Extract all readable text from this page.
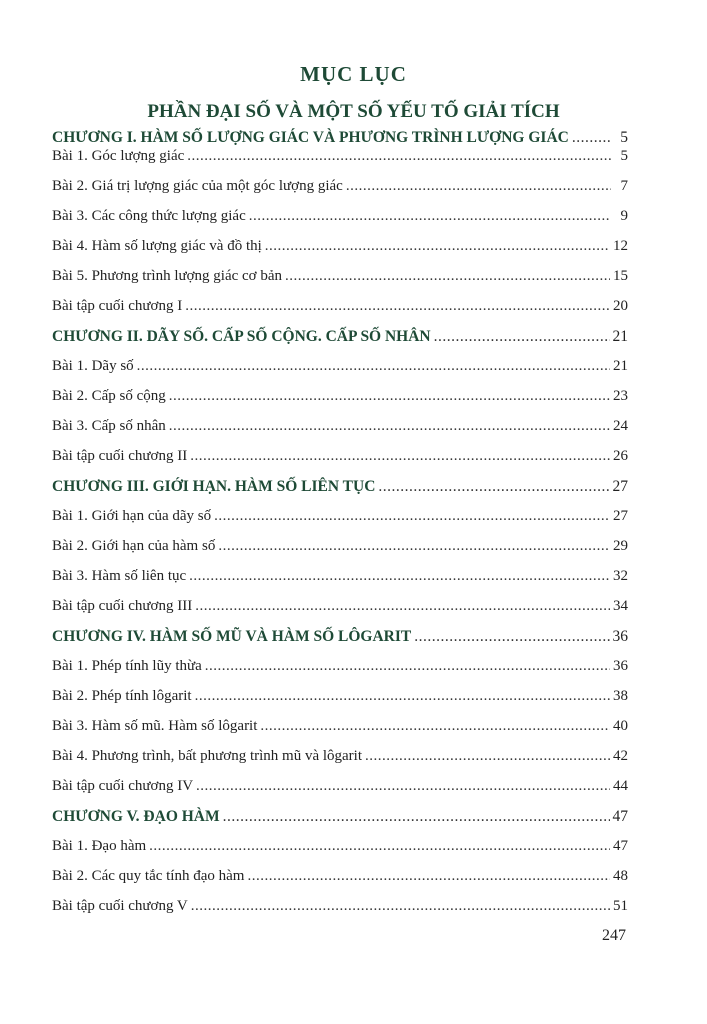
MỤC LỤC
PHẦN ĐẠI SỐ VÀ MỘT SỐ YẾU TỐ GIẢI TÍCH
CHƯƠNG I. HÀM SỐ LƯỢNG GIÁC VÀ PHƯƠNG TRÌNH LƯỢNG GIÁC .....	5
Bài 1. Góc lượng giác .....	5
Bài 2. Giá trị lượng giác của một góc lượng giác .....	7
Bài 3. Các công thức lượng giác .....	9
Bài 4. Hàm số lượng giác và đồ thị .....	12
Bài 5. Phương trình lượng giác cơ bản .....	15
Bài tập cuối chương I .....	20
CHƯƠNG II. DÃY SỐ. CẤP SỐ CỘNG. CẤP SỐ NHÂN .....	21
Bài 1. Dãy số .....	21
Bài 2. Cấp số cộng .....	23
Bài 3. Cấp số nhân .....	24
Bài tập cuối chương II .....	26
CHƯƠNG III. GIỚI HẠN. HÀM SỐ LIÊN TỤC .....	27
Bài 1. Giới hạn của dãy số .....	27
Bài 2. Giới hạn của hàm số .....	29
Bài 3. Hàm số liên tục .....	32
Bài tập cuối chương III .....	34
CHƯƠNG IV. HÀM SỐ MŨ VÀ HÀM SỐ LÔGARIT .....	36
Bài 1. Phép tính lũy thừa .....	36
Bài 2. Phép tính lôgarit .....	38
Bài 3. Hàm số mũ. Hàm số lôgarit .....	40
Bài 4. Phương trình, bất phương trình mũ và lôgarit .....	42
Bài tập cuối chương IV .....	44
CHƯƠNG V. ĐẠO HÀM .....	47
Bài 1. Đạo hàm .....	47
Bài 2. Các quy tắc tính đạo hàm .....	48
Bài tập cuối chương V .....	51
247
